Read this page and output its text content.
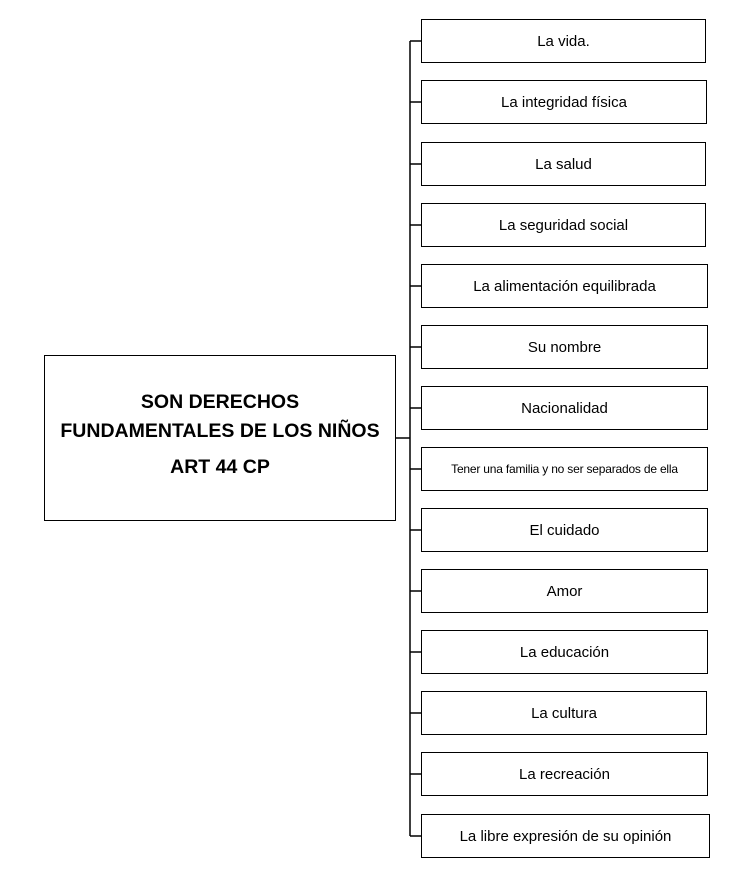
SON DERECHOS FUNDAMENTALES DE LOS NIÑOS
ART 44 CP
La vida.
La integridad física
La salud
La seguridad social
La alimentación equilibrada
Su nombre
Nacionalidad
Tener una familia y no ser separados de ella
El cuidado
Amor
La educación
La cultura
La recreación
La libre expresión de su opinión
